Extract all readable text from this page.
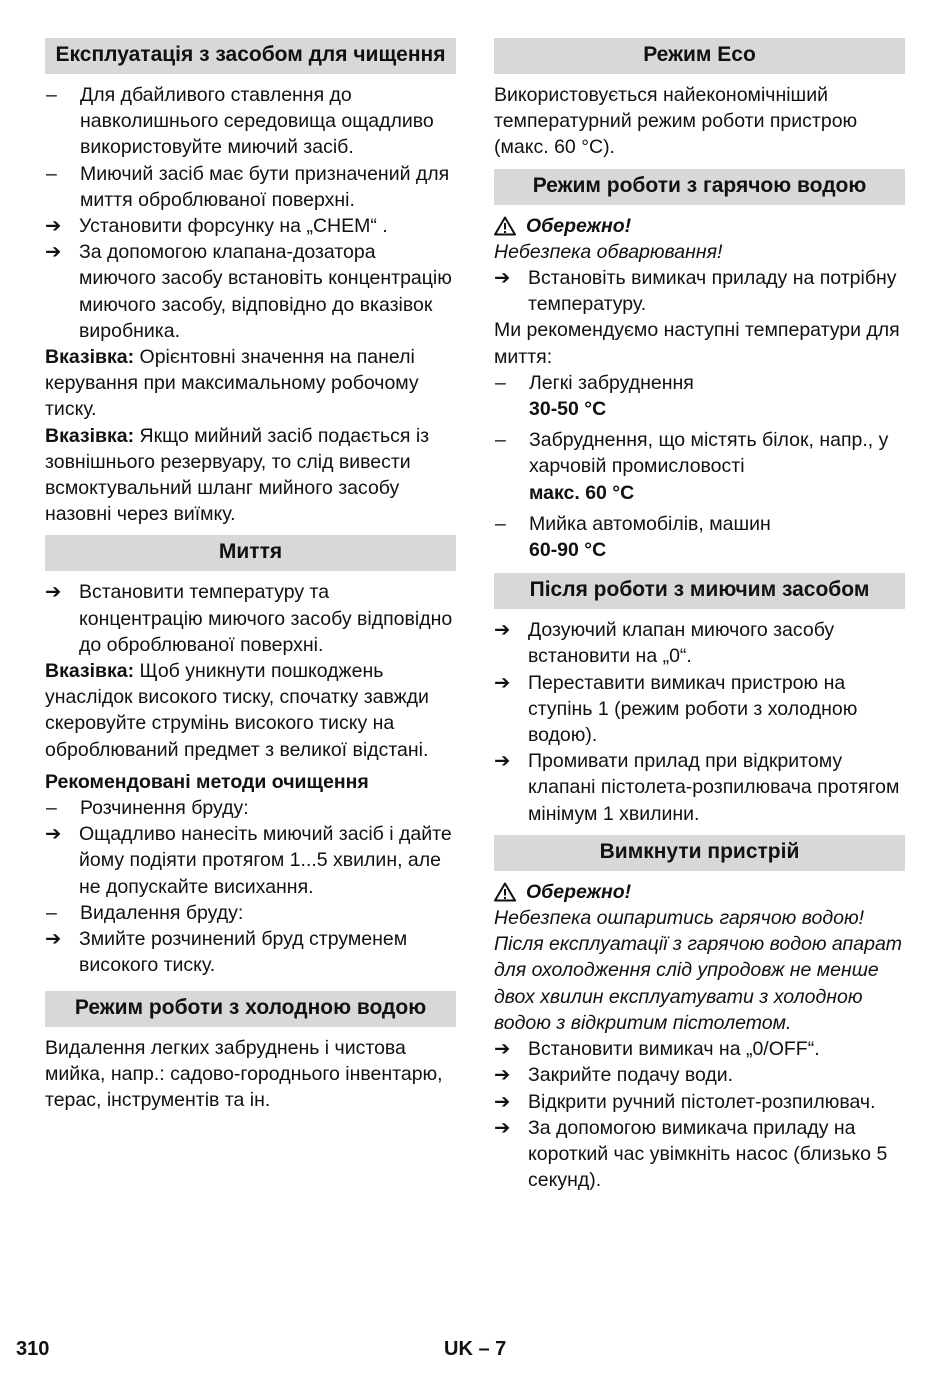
Експлуатація з засобом для чищення
–	Для дбайливого ставлення до навколишнього середовища ощадливо використовуйте миючий засіб.
–	Миючий засіб має бути призначений для миття оброблюваної поверхні.
➔ Установити форсунку на „CHEM“ .
➔ За допомогою клапана-дозатора миючого засобу встановіть концентрацію миючого засобу, відповідно до вказівок виробника.

Вказівка: Орієнтовні значення на панелі керування при максимальному робочому тиску.

Вказівка: Якщо мийний засіб подається із зовнішнього резервуару, то слід вивести всмоктувальний шланг мийного засобу назовні через виїмку.

Миття
➔ Встановити температуру та концентрацію миючого засобу відповідно до оброблюваної поверхні.

Вказівка: Щоб уникнути пошкоджень унаслідок високого тиску, спочатку завжди скеровуйте струмінь високого тиску на оброблюваний предмет з великої відстані.

Рекомендовані методи очищення
–	Розчинення бруду:
➔ Ощадливо нанесіть миючий засіб і дайте йому подіяти протягом 1...5 хвилин, але не допускайте висихання.
–	Видалення бруду:
➔ Змийте розчинений бруд струменем високого тиску.
Режим роботи з холодною водою

Видалення легких забруднень і чистова мийка, напр.: садово-городнього інвентарю, терас, інструментів та ін.

Режим Eco

Використовується найекономічніший температурний режим роботи пристрою (макс. 60 °C).

Режим роботи з гарячою водою
Обережно!

Небезпека обварювання!

➔ Встановіть вимикач приладу на потрібну температуру.

Ми рекомендуємо наступні температури для миття:

–	Легкі забруднення
30-50 °C
–	Забруднення, що містять білок, напр., у харчовій промисловості
макс. 60 °C
–	Мийка автомобілів, машин
60-90 °C
Після роботи з миючим засобом
➔ Дозуючий клапан миючого засобу встановити на „0“.
➔ Переставити вимикач пристрою на ступінь 1 (режим роботи з холодною водою).
➔ Промивати прилад при відкритому клапані пістолета-розпилювача протягом мінімум 1 хвилини.
Вимкнути пристрій
Обережно!

Небезпека ошпаритись гарячою водою! Після експлуатації з гарячою водою апарат для охолодження слід упродовж не менше двох хвилин експлуатувати з холодною водою з відкритим пістолетом.

➔ Встановити вимикач на „0/OFF“.
➔ Закрийте подачу води.
➔ Відкрити ручний пістолет-розпилювач.
➔ За допомогою вимикача приладу на короткий час увімкніть насос (близько 5 секунд).
310	UK – 7
